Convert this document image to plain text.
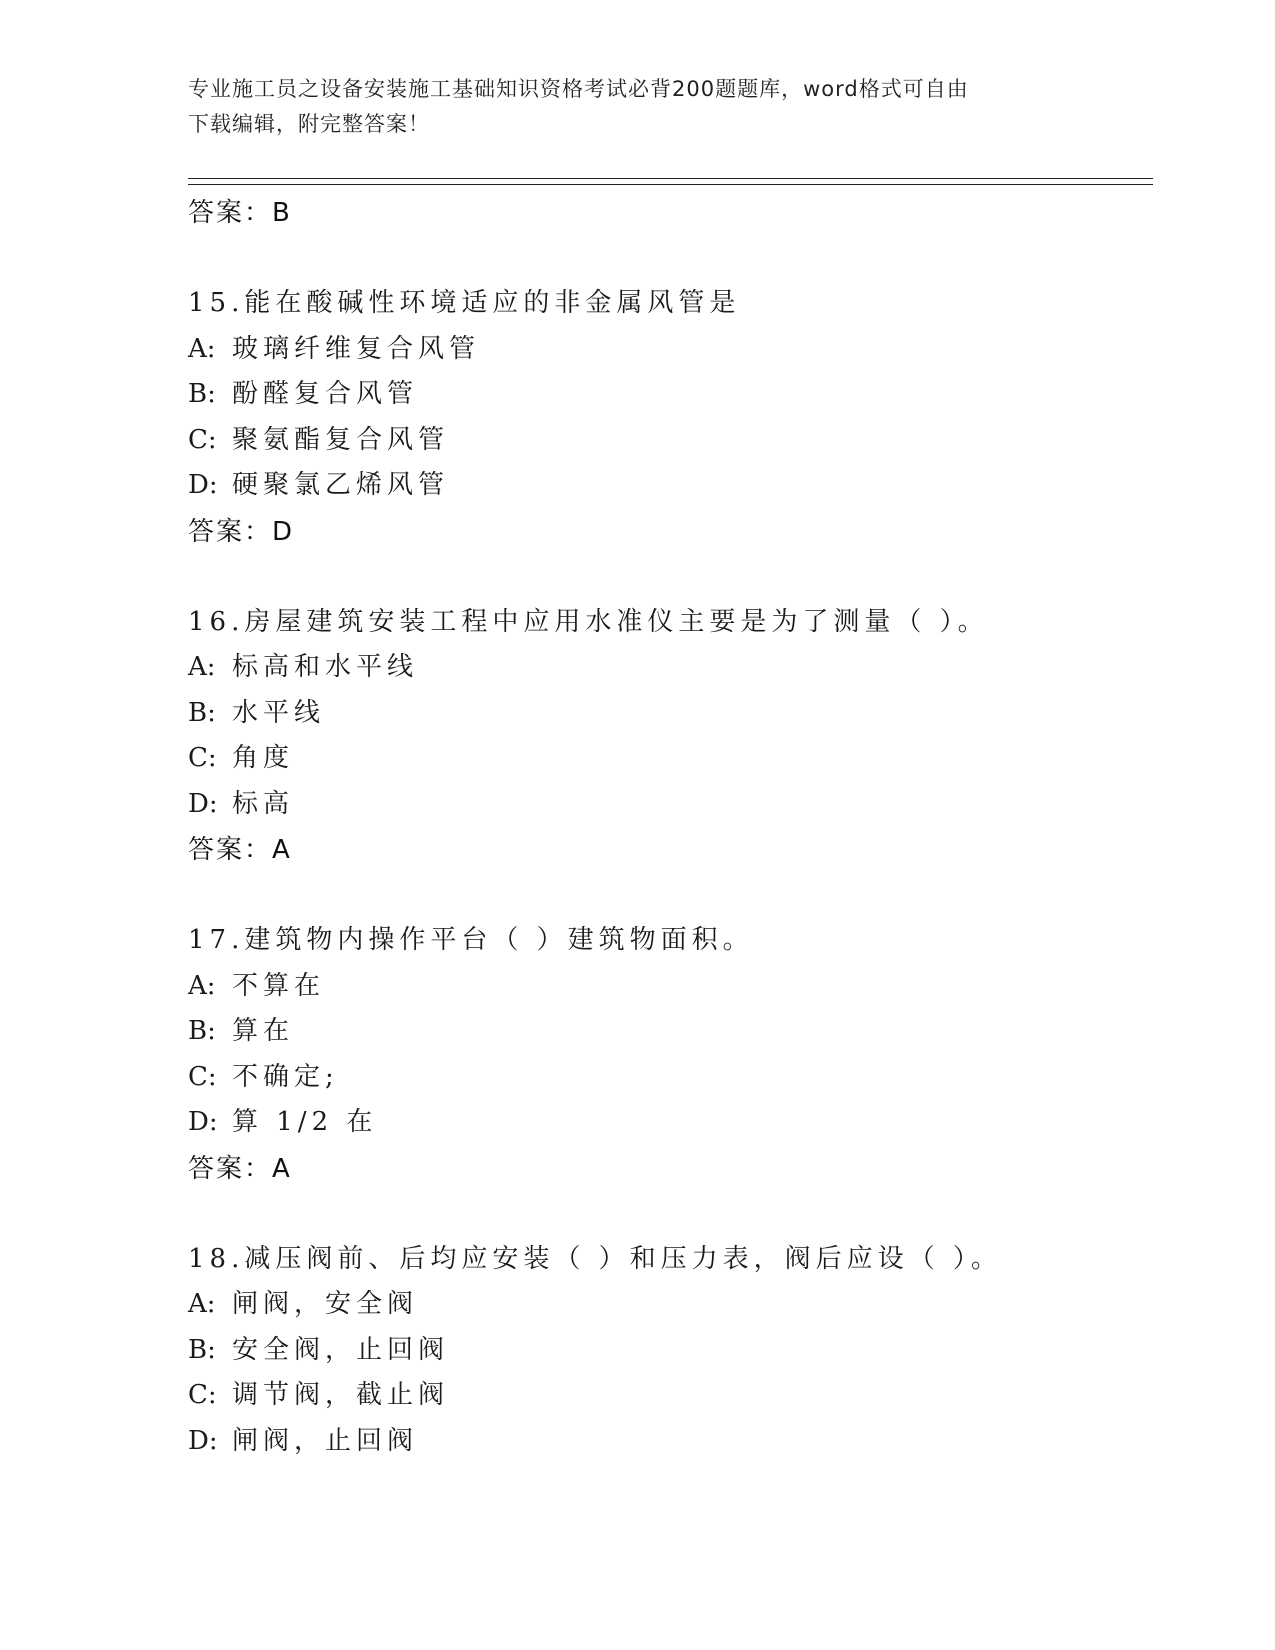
专业施工员之设备安装施工基础知识资格考试必背200题题库，word格式可自由
下载编辑，附完整答案！
答案：B
15.能在酸碱性环境适应的非金属风管是
A: 玻璃纤维复合风管
B: 酚醛复合风管
C: 聚氨酯复合风管
D: 硬聚氯乙烯风管
答案：D
16.房屋建筑安装工程中应用水准仪主要是为了测量（ ）。
A: 标高和水平线
B: 水平线
C: 角度
D: 标高
答案：A
17.建筑物内操作平台（ ）建筑物面积。
A: 不算在
B: 算在
C: 不确定;
D: 算 1/2 在
答案：A
18.减压阀前、后均应安装（ ）和压力表，阀后应设（ ）。
A: 闸阀，安全阀
B: 安全阀，止回阀
C: 调节阀，截止阀
D: 闸阀，止回阀
